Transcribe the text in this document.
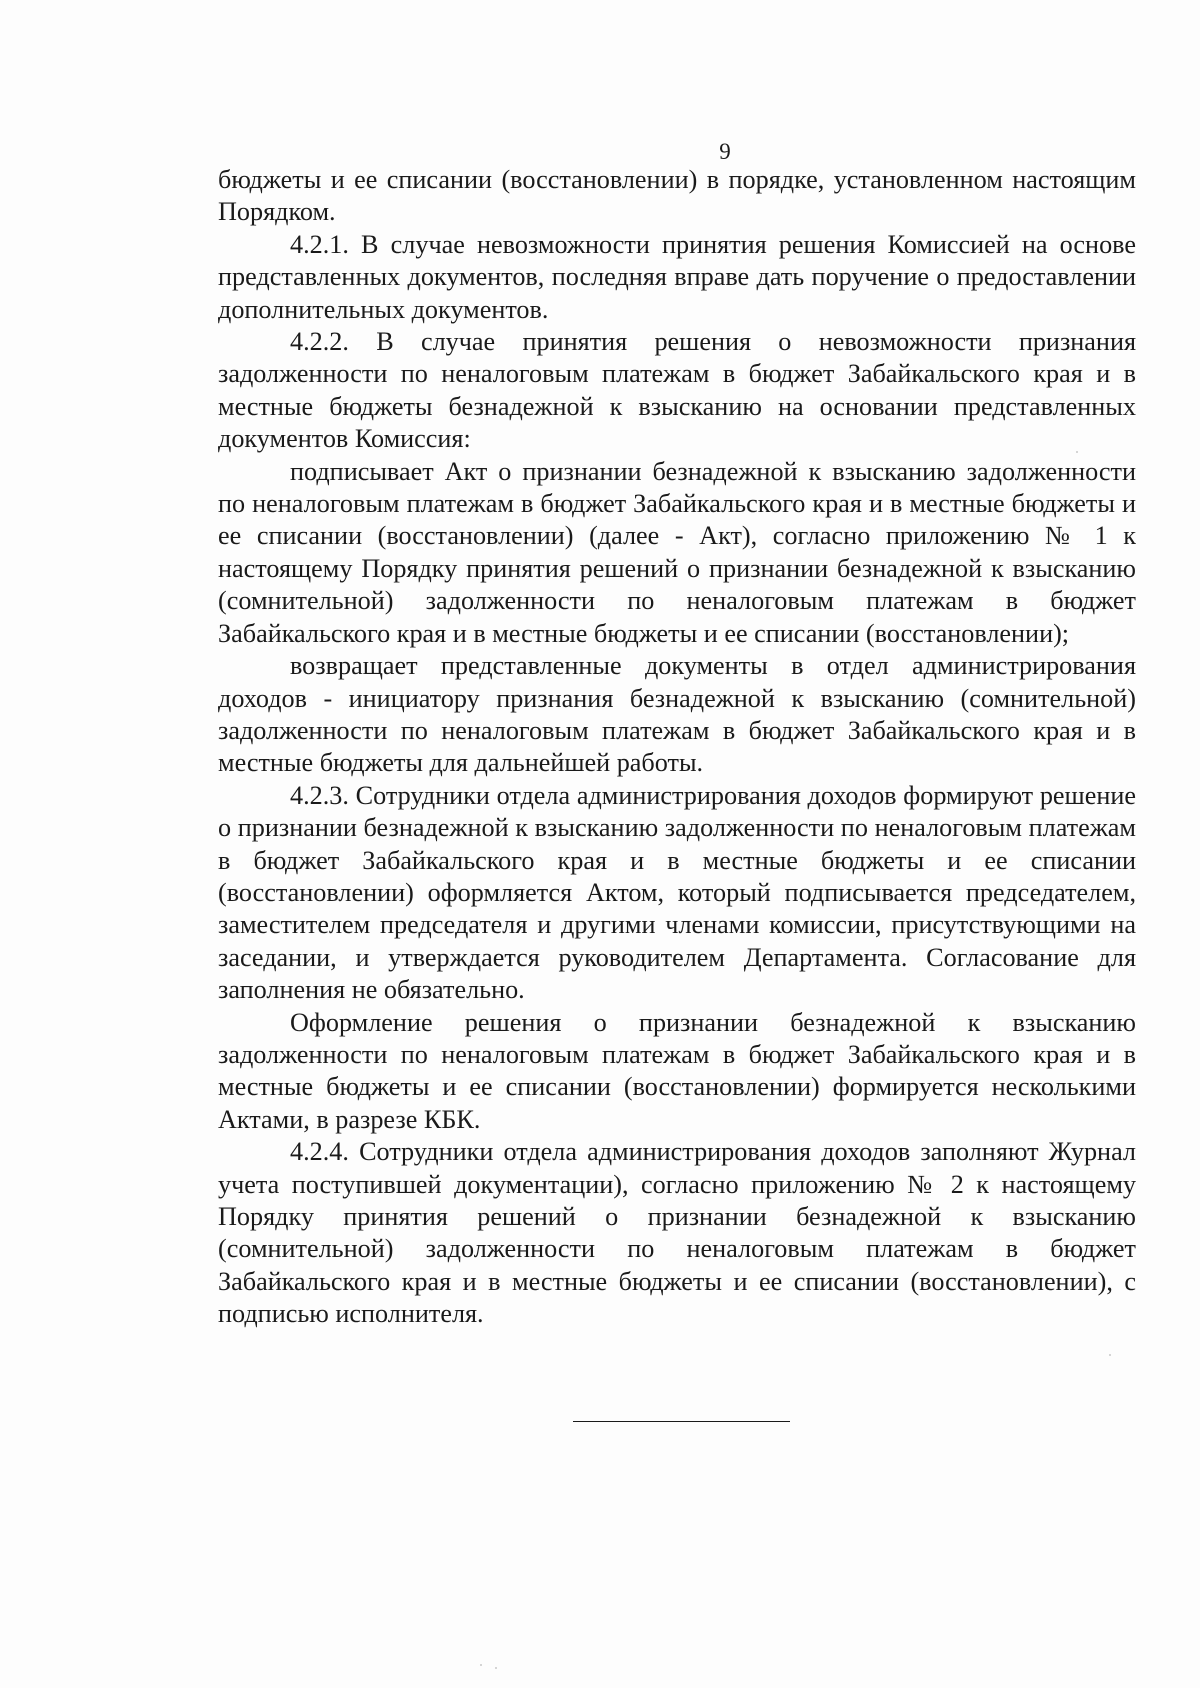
9

бюджеты и ее списании (восстановлении) в порядке, установленном настоящим Порядком.

4.2.1. В случае невозможности принятия решения Комиссией на основе представленных документов, последняя вправе дать поручение о предоставлении дополнительных документов.

4.2.2. В случае принятия решения о невозможности признания задолженности по неналоговым платежам в бюджет Забайкальского края и в местные бюджеты безнадежной к взысканию на основании представленных документов Комиссия:

подписывает Акт о признании безнадежной к взысканию задолженности по неналоговым платежам в бюджет Забайкальского края и в местные бюджеты и ее списании (восстановлении) (далее - Акт), согласно приложению № 1 к настоящему Порядку принятия решений о признании безнадежной к взысканию (сомнительной) задолженности по неналоговым платежам в бюджет Забайкальского края и в местные бюджеты и ее списании (восстановлении);

возвращает представленные документы в отдел администрирования доходов - инициатору признания безнадежной к взысканию (сомнительной) задолженности по неналоговым платежам в бюджет Забайкальского края и в местные бюджеты для дальнейшей работы.

4.2.3. Сотрудники отдела администрирования доходов формируют решение о признании безнадежной к взысканию задолженности по неналоговым платежам в бюджет Забайкальского края и в местные бюджеты и ее списании (восстановлении) оформляется Актом, который подписывается председателем, заместителем председателя и другими членами комиссии, присутствующими на заседании, и утверждается руководителем Департамента. Согласование для заполнения не обязательно.

Оформление решения о признании безнадежной к взысканию задолженности по неналоговым платежам в бюджет Забайкальского края и в местные бюджеты и ее списании (восстановлении) формируется несколькими Актами, в разрезе КБК.

4.2.4. Сотрудники отдела администрирования доходов заполняют Журнал учета поступившей документации), согласно приложению № 2 к настоящему Порядку принятия решений о признании безнадежной к взысканию (сомнительной) задолженности по неналоговым платежам в бюджет Забайкальского края и в местные бюджеты и ее списании (восстановлении), с подписью исполнителя.
